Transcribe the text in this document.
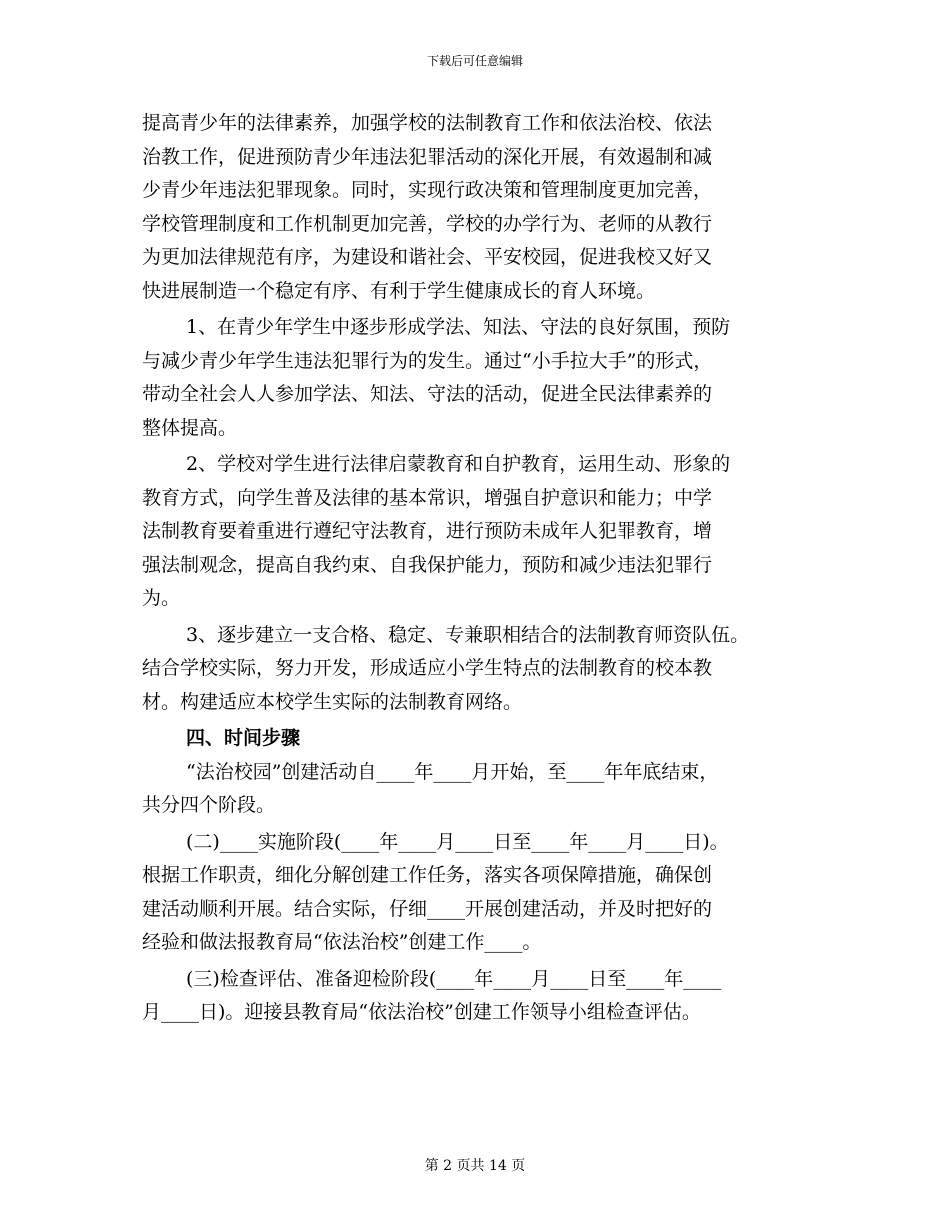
下载后可任意编辑
提高青少年的法律素养，加强学校的法制教育工作和依法治校、依法
治教工作，促进预防青少年违法犯罪活动的深化开展，有效遏制和减
少青少年违法犯罪现象。同时，实现行政决策和管理制度更加完善，
学校管理制度和工作机制更加完善，学校的办学行为、老师的从教行
为更加法律规范有序，为建设和谐社会、平安校园，促进我校又好又
快进展制造一个稳定有序、有利于学生健康成长的育人环境。
1、在青少年学生中逐步形成学法、知法、守法的良好氛围，预防
与减少青少年学生违法犯罪行为的发生。通过“小手拉大手”的形式，
带动全社会人人参加学法、知法、守法的活动，促进全民法律素养的
整体提高。
2、学校对学生进行法律启蒙教育和自护教育，运用生动、形象的
教育方式，向学生普及法律的基本常识，增强自护意识和能力；中学
法制教育要着重进行遵纪守法教育，进行预防未成年人犯罪教育，增
强法制观念，提高自我约束、自我保护能力，预防和减少违法犯罪行
为。
3、逐步建立一支合格、稳定、专兼职相结合的法制教育师资队伍。
结合学校实际，努力开发，形成适应小学生特点的法制教育的校本教
材。构建适应本校学生实际的法制教育网络。
四、时间步骤
“法治校园”创建活动自____年____月开始，至____年年底结束，
共分四个阶段。
(二)____实施阶段(____年____月____日至____年____月____日)。
根据工作职责，细化分解创建工作任务，落实各项保障措施，确保创
建活动顺利开展。结合实际，仔细____开展创建活动，并及时把好的
经验和做法报教育局“依法治校”创建工作____。
(三)检查评估、准备迎检阶段(____年____月____日至____年____
月____日)。迎接县教育局“依法治校”创建工作领导小组检查评估。
第 2 页共 14 页
